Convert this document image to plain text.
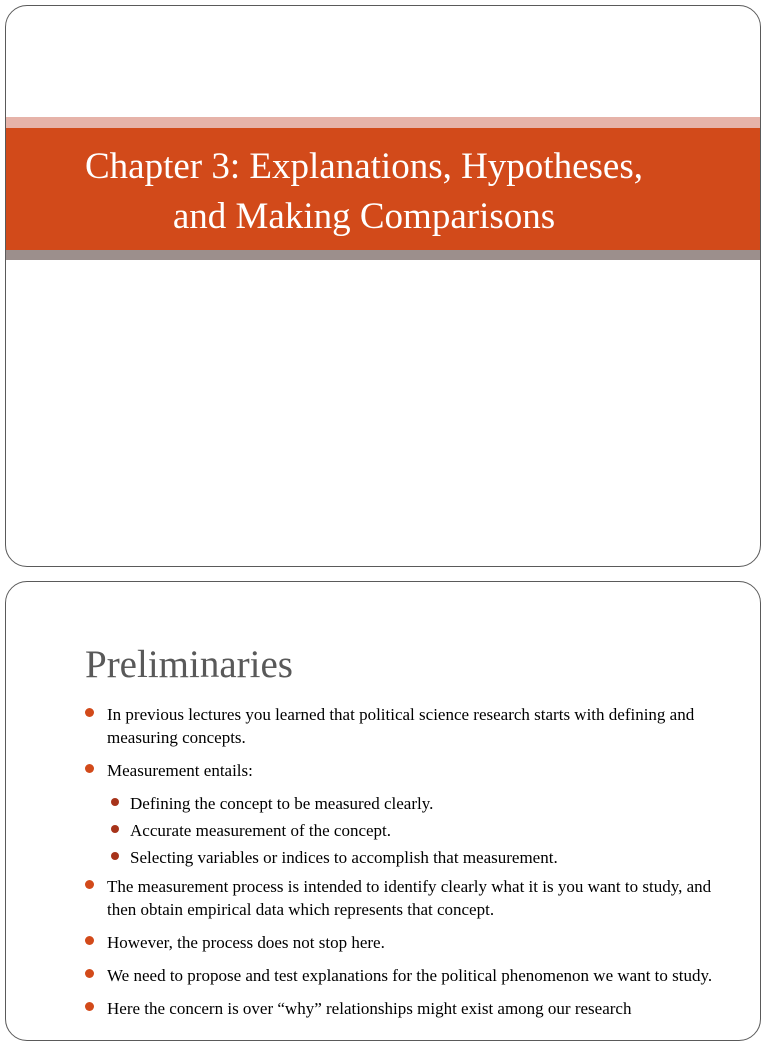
Chapter 3: Explanations, Hypotheses,
and Making Comparisons
Preliminaries
In previous lectures you learned that political science research starts with defining and measuring concepts.
Measurement entails:
Defining the concept to be measured clearly.
Accurate measurement of the concept.
Selecting variables or indices to accomplish that measurement.
The measurement process is intended to identify clearly what it is you want to study, and then obtain empirical data which represents that concept.
However, the process does not stop here.
We need to propose and test explanations for the political phenomenon we want to study.
Here the concern is over “why” relationships might exist among our research
